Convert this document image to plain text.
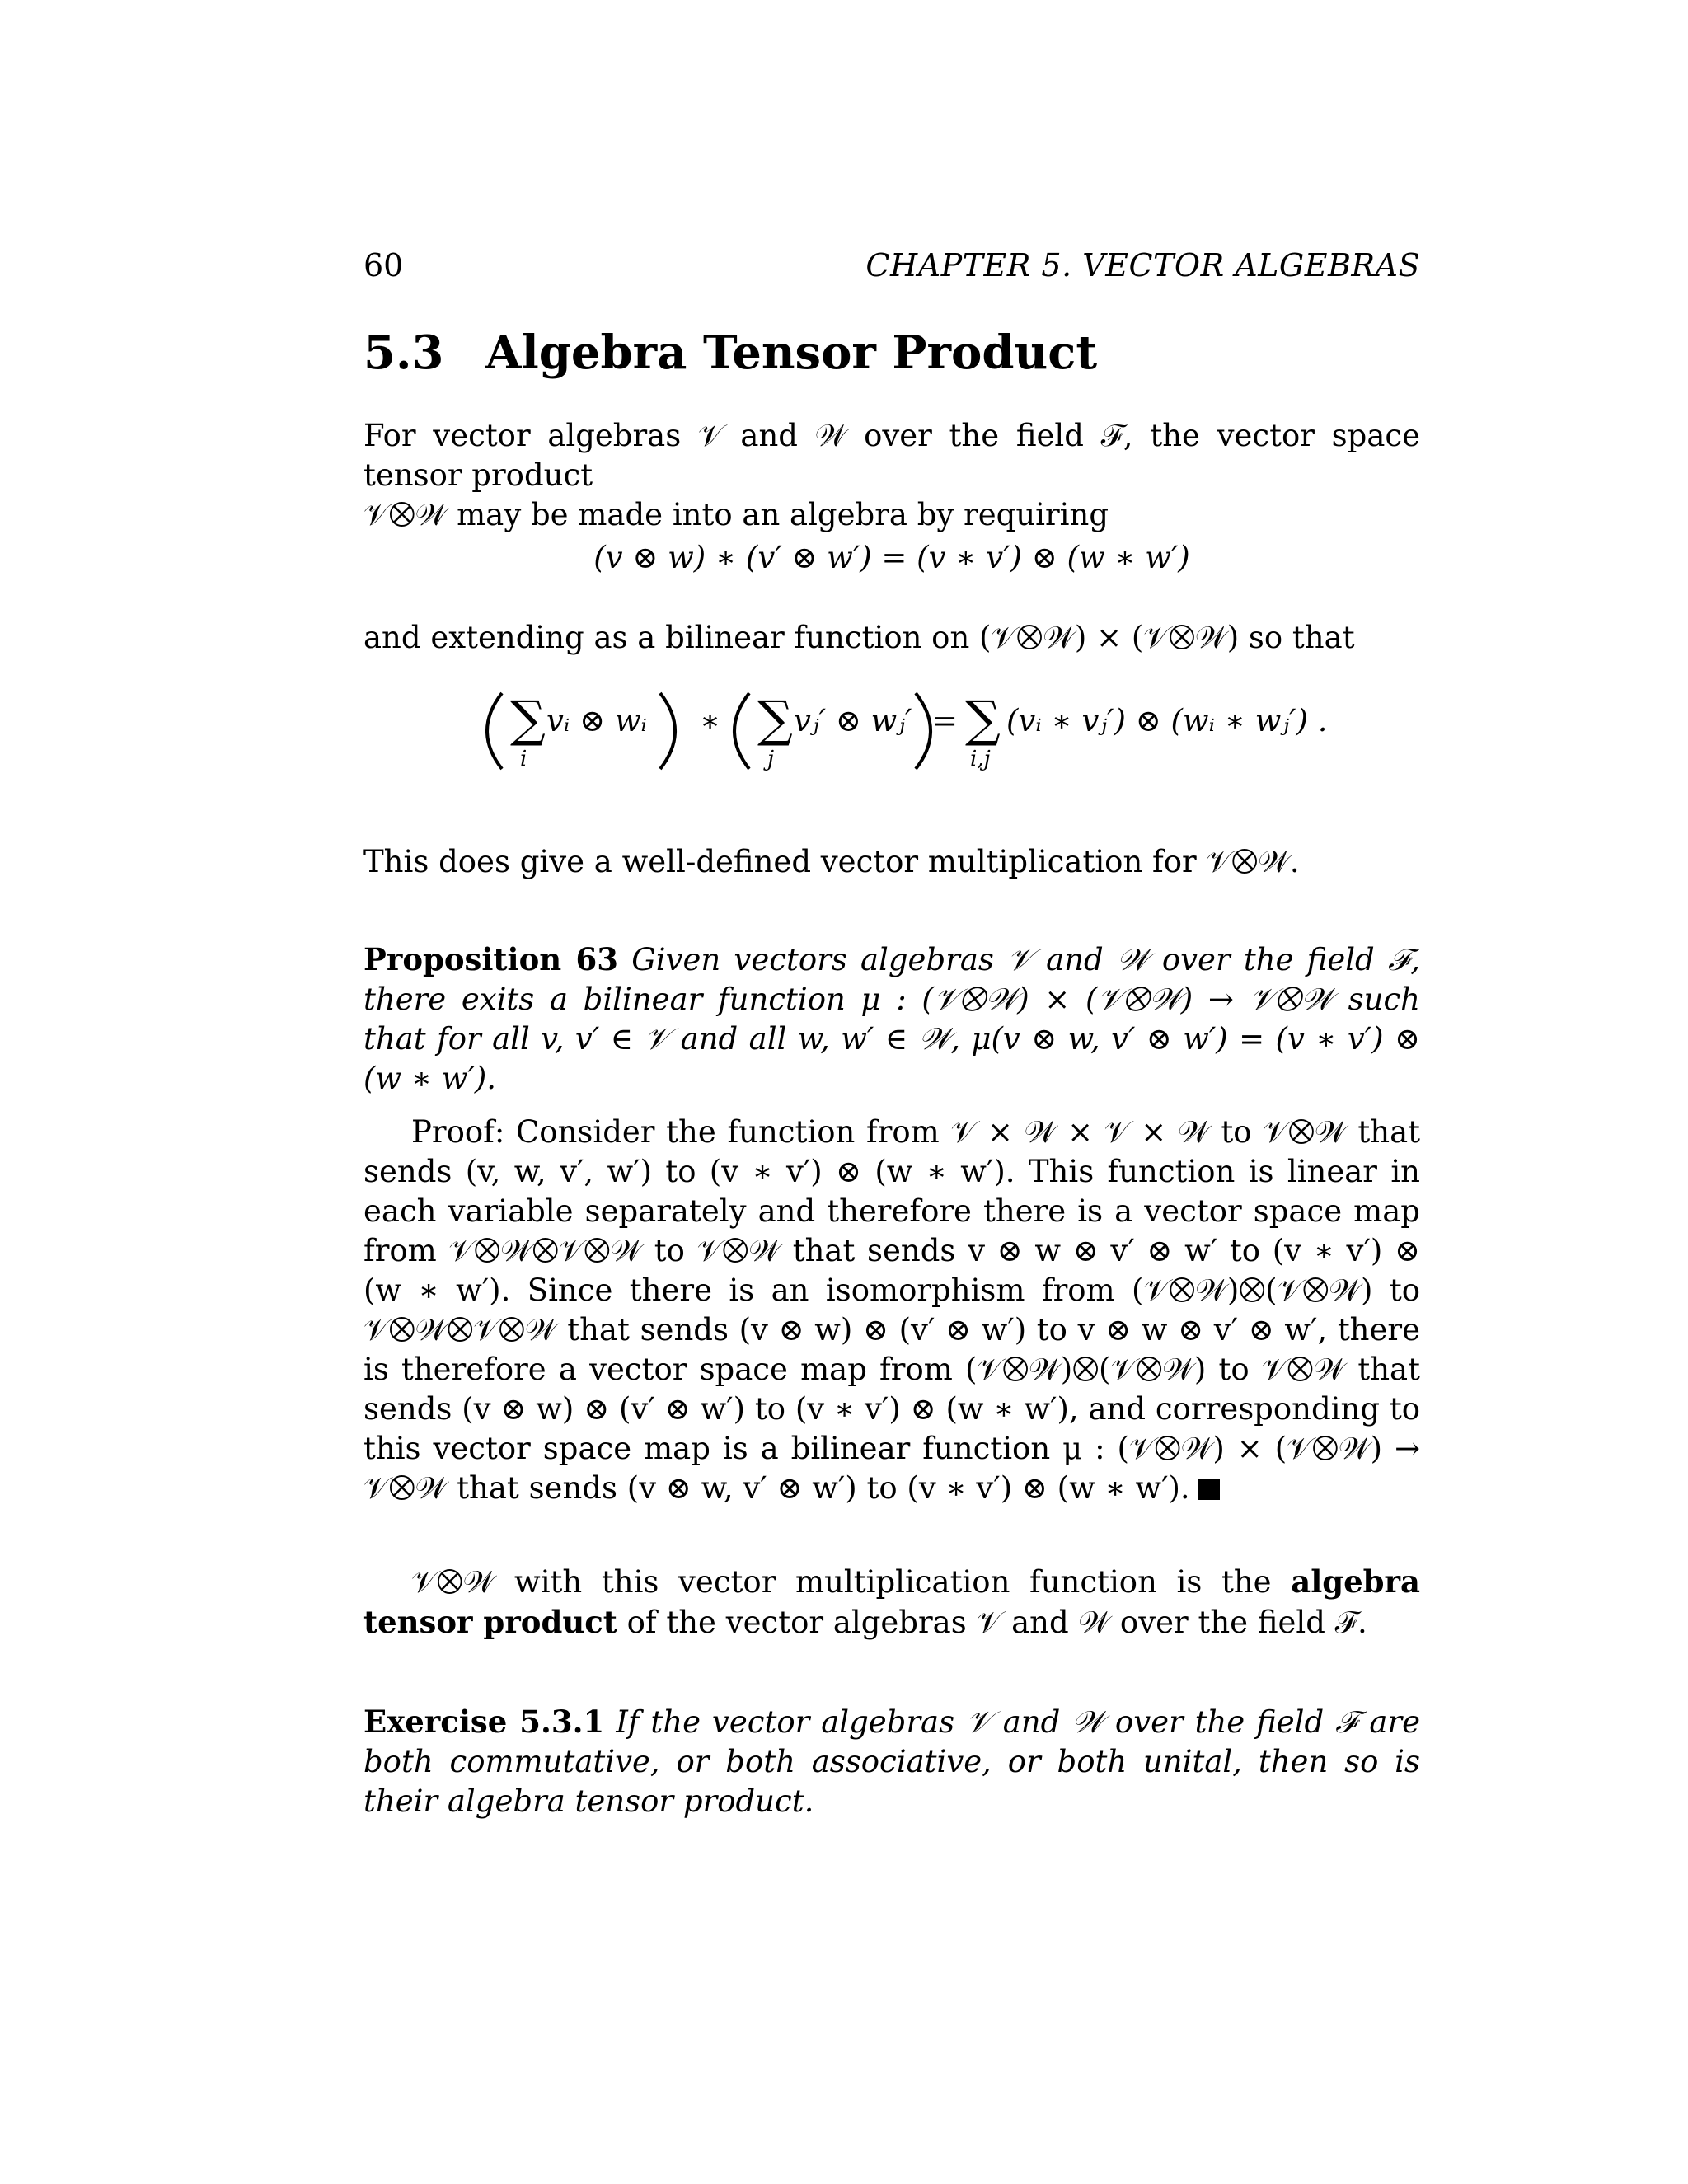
60	CHAPTER 5. VECTOR ALGEBRAS
5.3 Algebra Tensor Product
For vector algebras 𝒱 and 𝒲 over the field ℱ, the vector space tensor product
𝒱⨂𝒲 may be made into an algebra by requiring
(v ⊗ w) ∗ (v′ ⊗ w′) = (v ∗ v′) ⊗ (w ∗ w′)
and extending as a bilinear function on (𝒱⨂𝒲) × (𝒱⨂𝒲) so that
∑
i
vᵢ ⊗ wᵢ ∗ ∑
j
vⱼ′ ⊗ wⱼ′ = ∑
i,j
(vᵢ ∗ vⱼ′) ⊗ (wᵢ ∗ wⱼ′) .
This does give a well-defined vector multiplication for 𝒱⨂𝒲.
Proposition 63 Given vectors algebras 𝒱 and 𝒲 over the field ℱ, there exits a bilinear function μ : (𝒱⨂𝒲) × (𝒱⨂𝒲) → 𝒱⨂𝒲 such that for all v, v′ ∈ 𝒱 and all w, w′ ∈ 𝒲, μ(v ⊗ w, v′ ⊗ w′) = (v ∗ v′) ⊗ (w ∗ w′).
Proof: Consider the function from 𝒱 × 𝒲 × 𝒱 × 𝒲 to 𝒱⨂𝒲 that sends (v, w, v′, w′) to (v ∗ v′) ⊗ (w ∗ w′). This function is linear in each variable separately and therefore there is a vector space map from 𝒱⨂𝒲⨂𝒱⨂𝒲 to 𝒱⨂𝒲 that sends v ⊗ w ⊗ v′ ⊗ w′ to (v ∗ v′) ⊗ (w ∗ w′). Since there is an isomorphism from (𝒱⨂𝒲)⨂(𝒱⨂𝒲) to 𝒱⨂𝒲⨂𝒱⨂𝒲 that sends (v ⊗ w) ⊗ (v′ ⊗ w′) to v ⊗ w ⊗ v′ ⊗ w′, there is therefore a vector space map from (𝒱⨂𝒲)⨂(𝒱⨂𝒲) to 𝒱⨂𝒲 that sends (v ⊗ w) ⊗ (v′ ⊗ w′) to (v ∗ v′) ⊗ (w ∗ w′), and corresponding to this vector space map is a bilinear function μ : (𝒱⨂𝒲) × (𝒱⨂𝒲) → 𝒱⨂𝒲 that sends (v ⊗ w, v′ ⊗ w′) to (v ∗ v′) ⊗ (w ∗ w′).
𝒱⨂𝒲 with this vector multiplication function is the algebra tensor product of the vector algebras 𝒱 and 𝒲 over the field ℱ.
Exercise 5.3.1 If the vector algebras 𝒱 and 𝒲 over the field ℱ are both commutative, or both associative, or both unital, then so is their algebra tensor product.
